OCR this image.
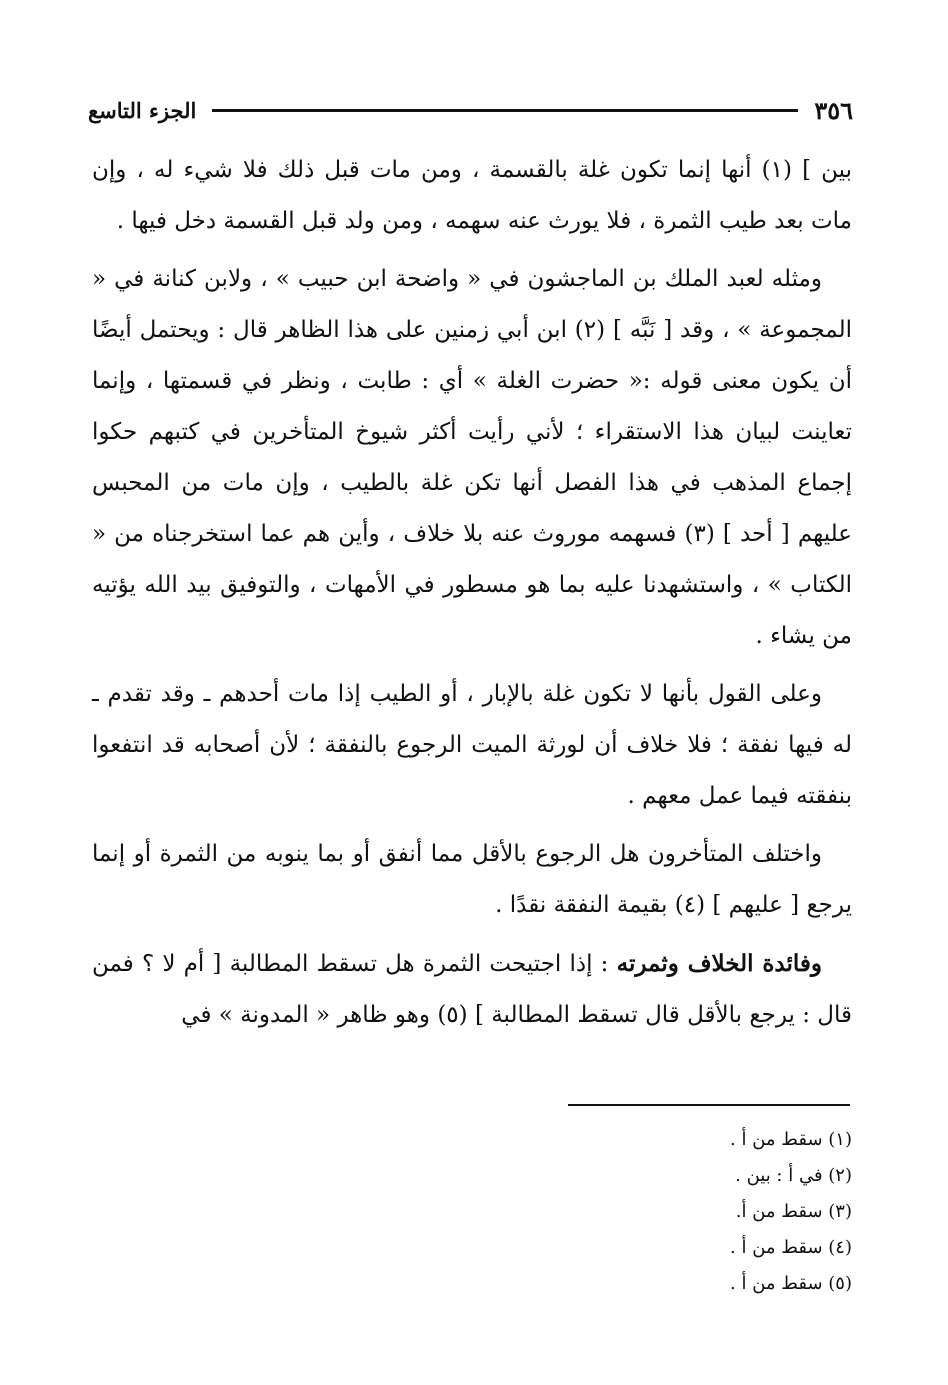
الجزء التاسع	٣٥٦

بين ] (١) أنها إنما تكون غلة بالقسمة ، ومن مات قبل ذلك فلا شيء له ، وإن مات بعد طيب الثمرة ، فلا يورث عنه سهمه ، ومن ولد قبل القسمة دخل فيها .

ومثله لعبد الملك بن الماجشون في « واضحة ابن حبيب » ، ولابن كنانة في « المجموعة » ، وقد [ نَبَّه ] (٢) ابن أبي زمنين على هذا الظاهر قال : ويحتمل أيضًا أن يكون معنى قوله :« حضرت الغلة » أي : طابت ، ونظر في قسمتها ، وإنما تعاينت لبيان هذا الاستقراء ؛ لأني رأيت أكثر شيوخ المتأخرين في كتبهم حكوا إجماع المذهب في هذا الفصل أنها تكن غلة بالطيب ، وإن مات من المحبس عليهم [ أحد ] (٣) فسهمه موروث عنه بلا خلاف ، وأين هم عما استخرجناه من « الكتاب » ، واستشهدنا عليه بما هو مسطور في الأمهات ، والتوفيق بيد الله يؤتيه من يشاء .

وعلى القول بأنها لا تكون غلة بالإبار ، أو الطيب إذا مات أحدهم ـ وقد تقدم ـ له فيها نفقة ؛ فلا خلاف أن لورثة الميت الرجوع بالنفقة ؛ لأن أصحابه قد انتفعوا بنفقته فيما عمل معهم .

واختلف المتأخرون هل الرجوع بالأقل مما أنفق أو بما ينوبه من الثمرة أو إنما يرجع [ عليهم ] (٤) بقيمة النفقة نقدًا .

وفائدة الخلاف وثمرته : إذا اجتيحت الثمرة هل تسقط المطالبة [ أم لا ؟ فمن قال : يرجع بالأقل قال تسقط المطالبة ] (٥) وهو ظاهر « المدونة » في

(١) سقط من أ .
(٢) في أ : بين .
(٣) سقط من أ.
(٤) سقط من أ .
(٥) سقط من أ .
